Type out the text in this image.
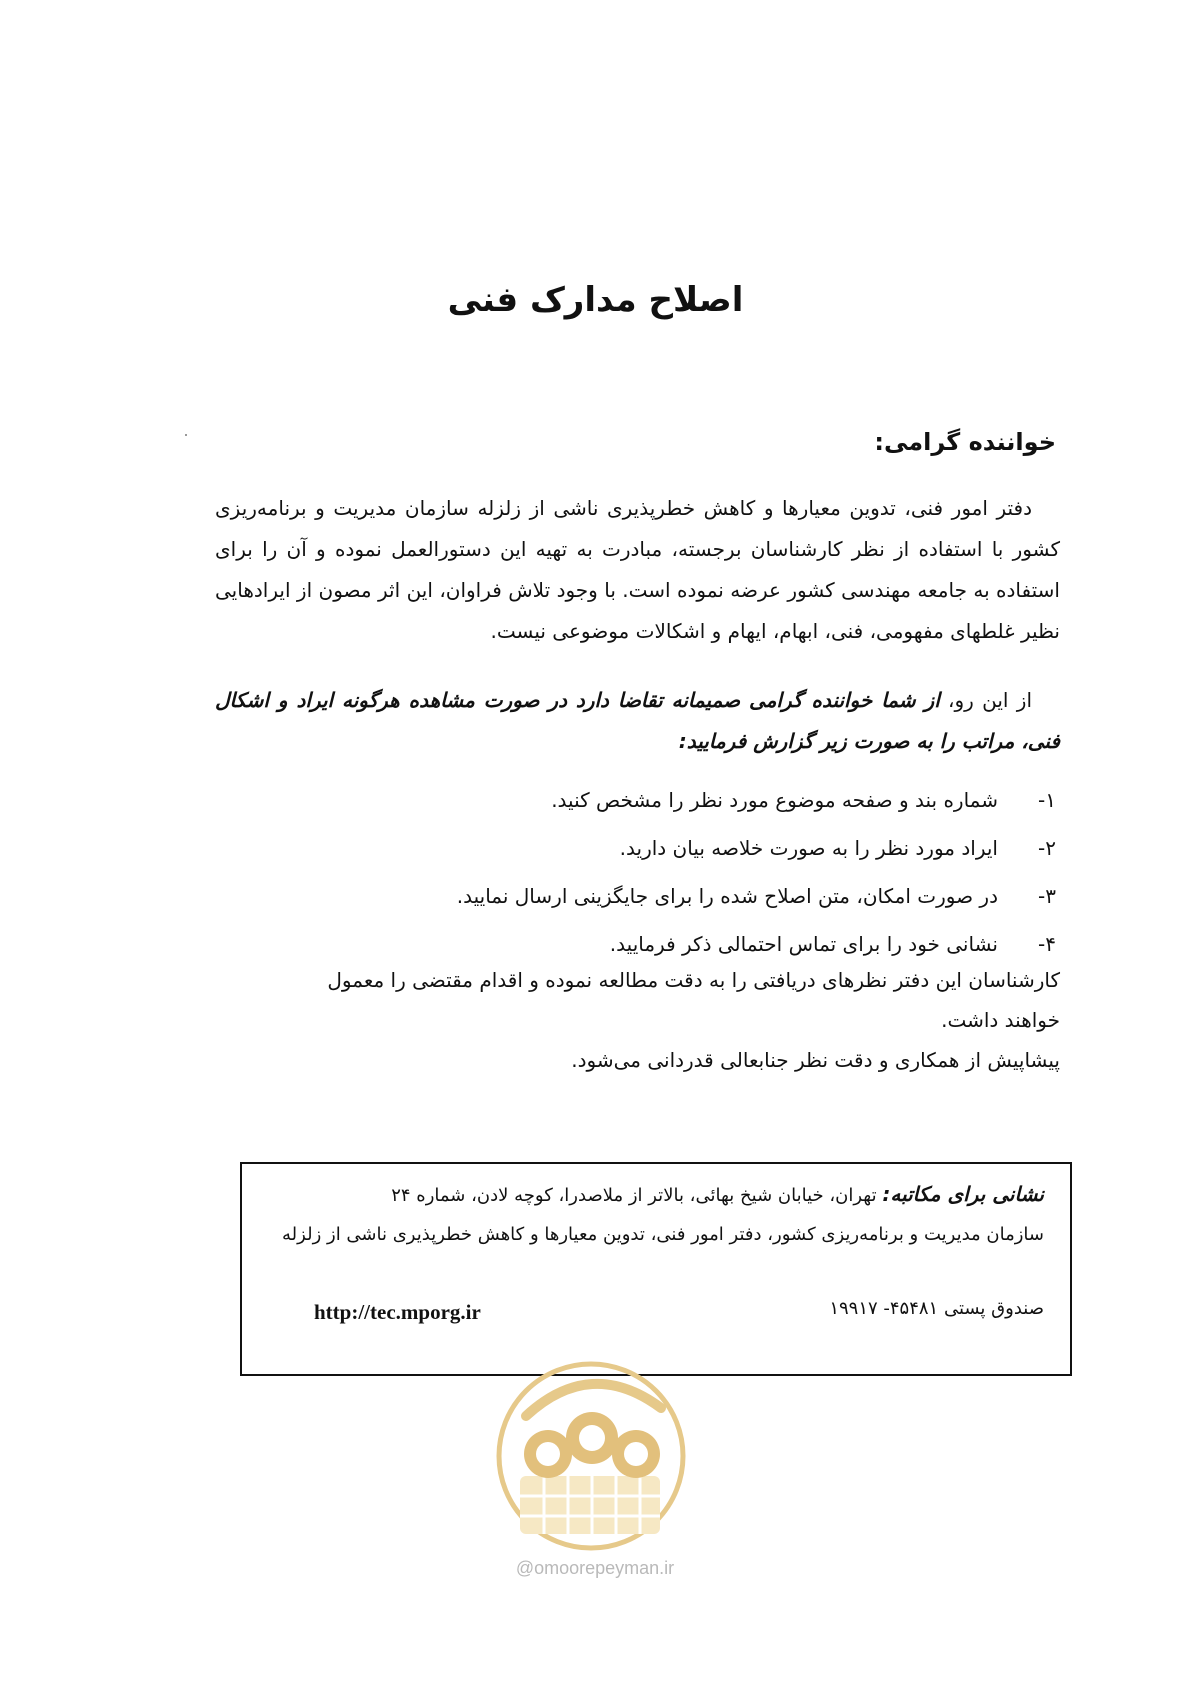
اصلاح مدارک فنی
خواننده گرامی:
دفتر امور فنی، تدوین معیارها و کاهش خطرپذیری ناشی از زلزله سازمان مدیریت و برنامه‌ریزی کشور با استفاده از نظر کارشناسان برجسته، مبادرت به تهیه این دستورالعمل نموده و آن را برای استفاده به جامعه مهندسی کشور عرضه نموده است. با وجود تلاش فراوان، این اثر مصون از ایرادهایی نظیر غلطهای مفهومی، فنی، ابهام، ایهام و اشکالات موضوعی نیست.
از این رو، از شما خواننده گرامی صمیمانه تقاضا دارد در صورت مشاهده هرگونه ایراد و اشکال فنی، مراتب را به صورت زیر گزارش فرمایید:
۱-
شماره بند و صفحه موضوع مورد نظر را مشخص کنید.
۲-
ایراد مورد نظر را به صورت خلاصه بیان دارید.
۳-
در صورت امکان، متن اصلاح شده را برای جایگزینی ارسال نمایید.
۴-
نشانی خود را برای تماس احتمالی ذکر فرمایید.
کارشناسان این دفتر نظرهای دریافتی را به دقت مطالعه نموده و اقدام مقتضی را معمول خواهند داشت.
پیشاپیش از همکاری و دقت نظر جنابعالی قدردانی می‌شود.
نشانی برای مکاتبه: تهران، خیابان شیخ بهائی، بالاتر از ملاصدرا، کوچه لادن، شماره ۲۴
سازمان مدیریت و برنامه‌ریزی کشور، دفتر امور فنی، تدوین معیارها و کاهش خطرپذیری ناشی از زلزله
صندوق پستی ۴۵۴۸۱- ۱۹۹۱۷
http://tec.mporg.ir
@omoorepeyman.ir
